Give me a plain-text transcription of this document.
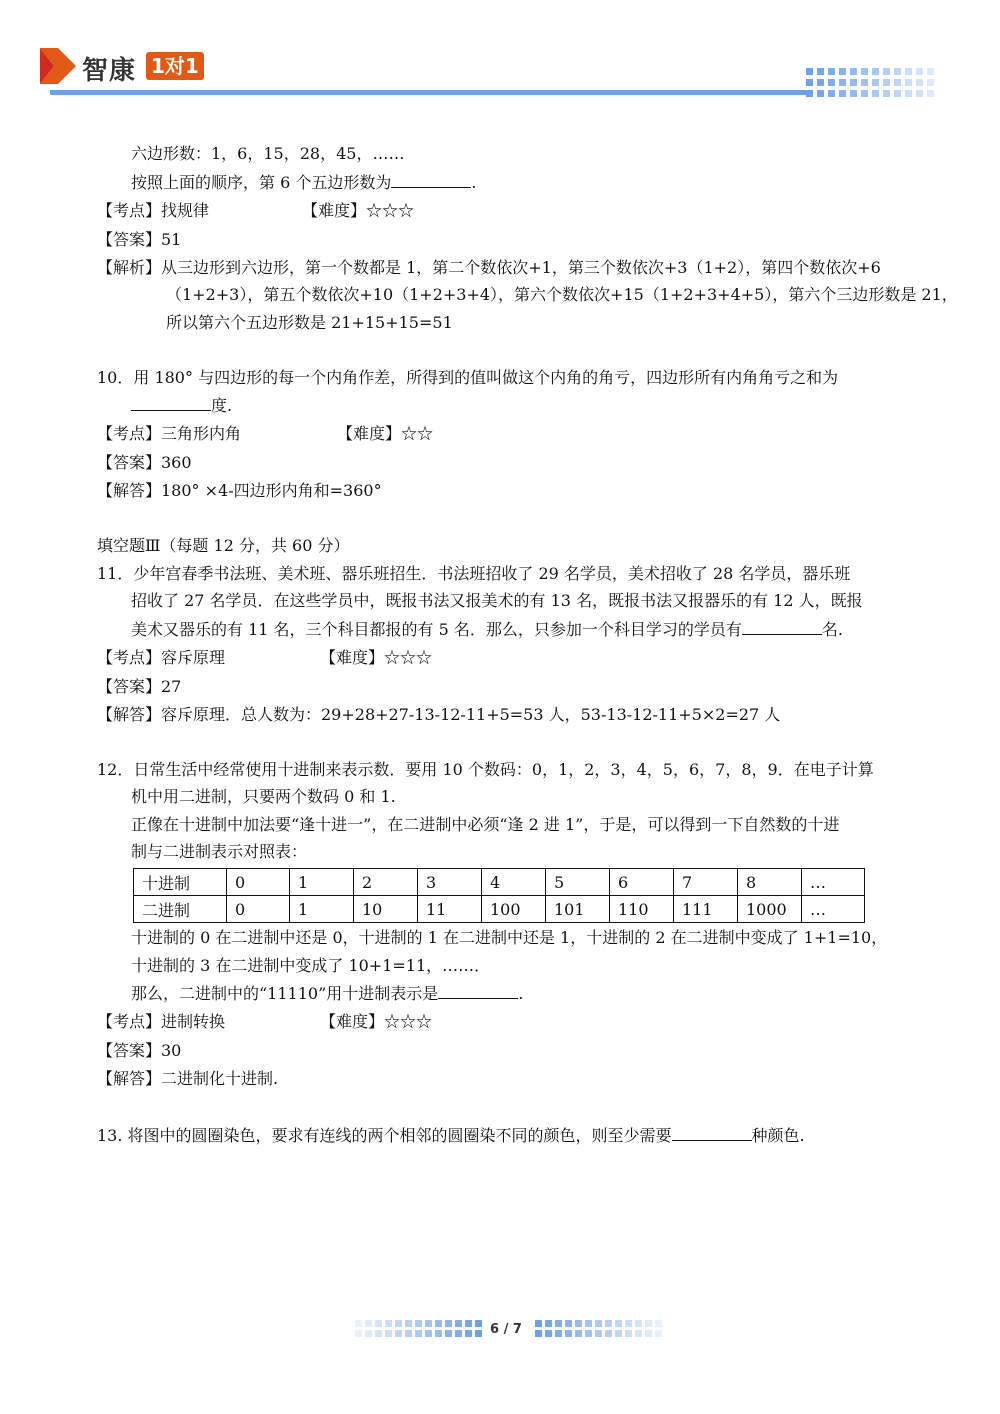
智康 1对1
六边形数：1，6，15，28，45，……
按照上面的顺序，第 6 个五边形数为	.
【考点】找规律	【难度】☆☆☆
【答案】51
【解析】从三边形到六边形，第一个数都是 1，第二个数依次+1，第三个数依次+3（1+2），第四个数依次+6
（1+2+3），第五个数依次+10（1+2+3+4），第六个数依次+15（1+2+3+4+5），第六个三边形数是 21，
所以第六个五边形数是 21+15+15=51
10．用 180° 与四边形的每一个内角作差，所得到的值叫做这个内角的角亏，四边形所有内角角亏之和为
度.
【考点】三角形内角	【难度】☆☆
【答案】360
【解答】180° ×4-四边形内角和=360°
填空题Ⅲ（每题 12 分，共 60 分）
11．少年宫春季书法班、美术班、器乐班招生．书法班招收了 29 名学员，美术招收了 28 名学员，器乐班
招收了 27 名学员．在这些学员中，既报书法又报美术的有 13 名，既报书法又报器乐的有 12 人，既报
美术又器乐的有 11 名，三个科目都报的有 5 名．那么，只参加一个科目学习的学员有	名.
【考点】容斥原理	【难度】☆☆☆
【答案】27
【解答】容斥原理．总人数为：29+28+27-13-12-11+5=53 人，53-13-12-11+5×2=27 人
12．日常生活中经常使用十进制来表示数．要用 10 个数码：0，1，2，3，4，5，6，7，8，9．在电子计算
机中用二进制，只要两个数码 0 和 1.
正像在十进制中加法要“逢十进一”，在二进制中必须“逢 2 进 1”，于是，可以得到一下自然数的十进
制与二进制表示对照表：
十进制	0	1	2	3	4	5	6	7	8	…
二进制	0	1	10	11	100	101	110	111	1000	…
十进制的 0 在二进制中还是 0，十进制的 1 在二进制中还是 1，十进制的 2 在二进制中变成了 1+1=10，
十进制的 3 在二进制中变成了 10+1=11，……．
那么，二进制中的“11110”用十进制表示是	.
【考点】进制转换	【难度】☆☆☆
【答案】30
【解答】二进制化十进制.
13. 将图中的圆圈染色，要求有连线的两个相邻的圆圈染不同的颜色，则至少需要	种颜色.
6 / 7
